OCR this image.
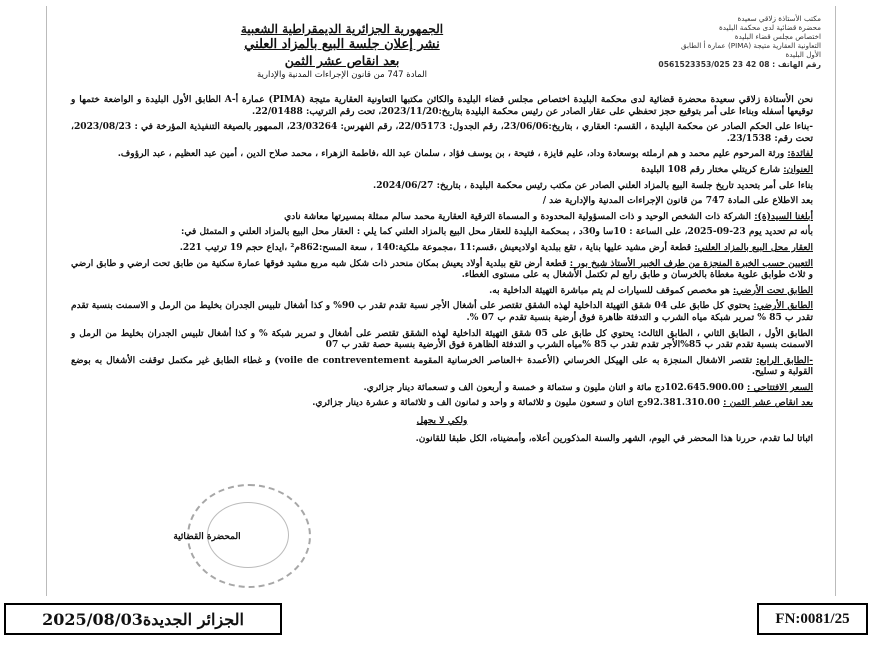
مكتب الأستاذة زلاقي سعيدة
محضرة قضائية لدى محكمة البليدة
اختصاص مجلس قضاء البليدة
التعاونية العقارية متيجة (PIMA) عمارة أ الطابق
الأول البليدة
0561523353/025 23 42 08 : رقم الهاتف
الجمهورية الجزائرية الديمقراطية الشعبية
نشر إعلان جلسة البيع بالمزاد العلني
بعد انقاص عشر الثمن
المادة 747 من قانون الإجراءات المدنية والإدارية

نحن الأستاذة زلاقي سعيدة محضرة قضائية لدى محكمة البليدة اختصاص مجلس قضاء البليدة والكائن مكتبها التعاونية العقارية متيجة (PIMA) عمارة أ-A الطابق الأول البليدة و الواضعة ختمها و توقيعها أسفله وبناءا على أمر بتوقيع حجز تحفظي على عقار الصادر عن رئيس محكمة البليدة بتاريخ:2023/11/20، تحت رقم الترتيب: 22/01488.

-بناءا على الحكم الصادر عن محكمة البليدة ، القسم: العقاري ، بتاريخ:23/06/06، رقم الجدول: 22/05173، رقم الفهرس: 23/03264، الممهور بالصيغة التنفيذية المؤرخة في : 2023/08/23، تحت رقم: 23/1538.

لفائدة: ورثة المرحوم عليم محمد و هم ارملته بوسعادة وداد، عليم فايزة ، فتيحة ، بن يوسف فؤاد ، سلمان عبد الله ،فاطمة الزهراء ، محمد صلاح الدين ، أمين عبد العظيم ، عبد الرؤوف.

العنوان: شارع كريتلي مختار رقم 108 البليدة

بناءا على أمر بتحديد تاريخ جلسة البيع بالمزاد العلني الصادر عن مكتب رئيس محكمة البليدة ، بتاريخ: 2024/06/27.

بعد الاطلاع على المادة 747 من قانون الإجراءات المدنية والإدارية ضد /

أبلغنا السيد(ة): الشركة ذات الشخص الوحيد و ذات المسؤولية المحدودة و المسماة الترقية العقارية محمد سالم ممثلة بمسيرتها معاشة نادي

بأنه تم تحديد يوم 23-09-2025، على الساعة : 10سا و30د ، بمحكمة البليدة للعقار محل البيع بالمزاد العلني كما يلي : العقار محل البيع بالمزاد العلني و المتمثل في:

العقار محل البيع بالمزاد العلني: قطعة أرض مشيد عليها بناية ، تقع ببلدية اولاديعيش ،قسم:11 ،مجموعة ملكية:140 ، سعة المسح:862م² ،ايداع حجم 19 ترتيب 221.

التعيين حسب الخبرة المنجزة من طرف الخبير الأستاذ شيخ بور : قطعة أرض تقع ببلدية أولاد يعيش بمكان منحدر ذات شكل شبه مربع مشيد فوقها عمارة سكنية من طابق تحت ارضي و طابق ارضي و ثلاث طوابق علوية مغطاة بالخرسان و طابق رابع لم تكتمل الأشغال به على مستوى الغطاء.

الطابق تحت الأرضي: هو مخصص كموقف للسيارات لم يتم مباشرة التهيئة الداخلية به.

الطابق الأرضي: يحتوي كل طابق على 04 شقق التهيئة الداخلية لهذه الشقق تقتصر على أشغال الأجر نسبة تقدم تقدر ب 90% و كذا أشغال تلبيس الجدران بخليط من الرمل و الاسمنت بنسبة تقدم تقدر ب 85 % تمرير شبكة مياه الشرب و التدفئة ظاهرة فوق أرضية بنسبة تقدم ب 07 %.

الطابق الأول ، الطابق الثاني ، الطابق الثالث: يحتوي كل طابق على 05 شقق التهيئة الداخلية لهذه الشقق تقتصر على أشغال و تمرير شبكة % و كذا أشغال تلبيس الجدران بخليط من الرمل و الاسمنت بنسبة تقدم تقدر ب 85%الأجر تقدم تقدر ب 85 %مياه الشرب و التدفئة الظاهرة فوق الأرضية بنسبة حصة تقدر ب 07

-الطابق الرابع: تقتصر الاشغال المنجزة به على الهيكل الخرساني (الأعمدة +العناصر الخرسانية المقومة voile de contreventement) و غطاء الطابق غير مكتمل توقفت الأشغال به بوضع القولبة و تسليح.

السعر الافتتاحي : 102.645.900.00دج مائة و اثنان مليون و ستمائة و خمسة و أربعون الف و تسعمائة دينار جزائري.

بعد انقاص عشر الثمن : 92.381.310.00دج اثنان و تسعون مليون و ثلاثمائة و واحد و ثمانون الف و ثلاثمائة و عشرة دينار جزائري.

ولكي لا يجهل

اثباتا لما تقدم، حررنا هذا المحضر في اليوم، الشهر والسنة المذكورين أعلاه، وأمضيناه، الكل طبقا للقانون.

المحضرة القضائية
الجزائر الجديدة2025/08/03	FN:0081/25
